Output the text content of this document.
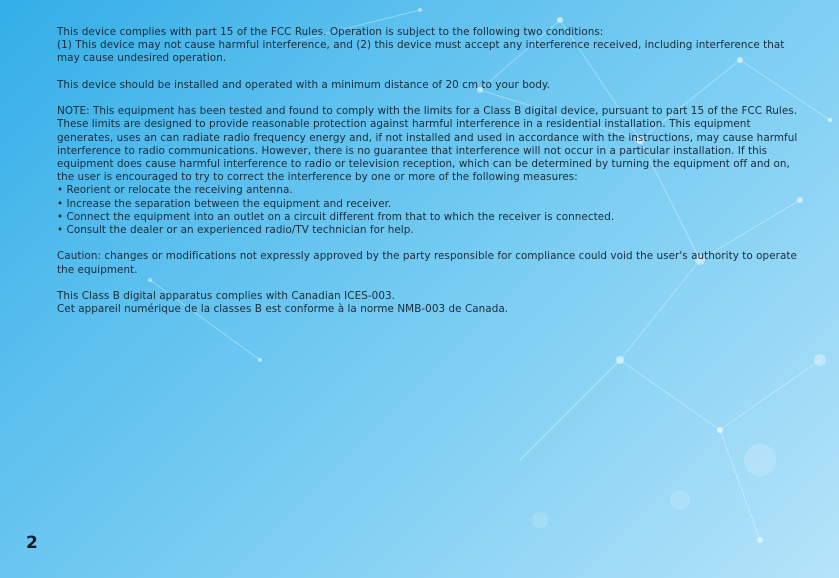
This device complies with part 15 of the FCC Rules. Operation is subject to the following two conditions:
(1) This device may not cause harmful interference, and (2) this device must accept any interference received, including interference that may cause undesired operation.

This device should be installed and operated with a minimum distance of 20 cm to your body.

NOTE: This equipment has been tested and found to comply with the limits for a Class B digital device, pursuant to part 15 of the FCC Rules. These limits are designed to provide reasonable protection against harmful interference in a residential installation. This equipment generates, uses an can radiate radio frequency energy and, if not installed and used in accordance with the instructions, may cause harmful interference to radio communications. However, there is no guarantee that interference will not occur in a particular installation. If this equipment does cause harmful interference to radio or television reception, which can be determined by turning the equipment off and on, the user is encouraged to try to correct the interference by one or more of the following measures:
• Reorient or relocate the receiving antenna.
• Increase the separation between the equipment and receiver.
• Connect the equipment into an outlet on a circuit different from that to which the receiver is connected.
• Consult the dealer or an experienced radio/TV technician for help.

Caution: changes or modifications not expressly approved by the party responsible for compliance could void the user's authority to operate the equipment.

This Class B digital apparatus complies with Canadian ICES-003.
Cet appareil numérique de la classes B est conforme à la norme NMB-003 de Canada.

2
